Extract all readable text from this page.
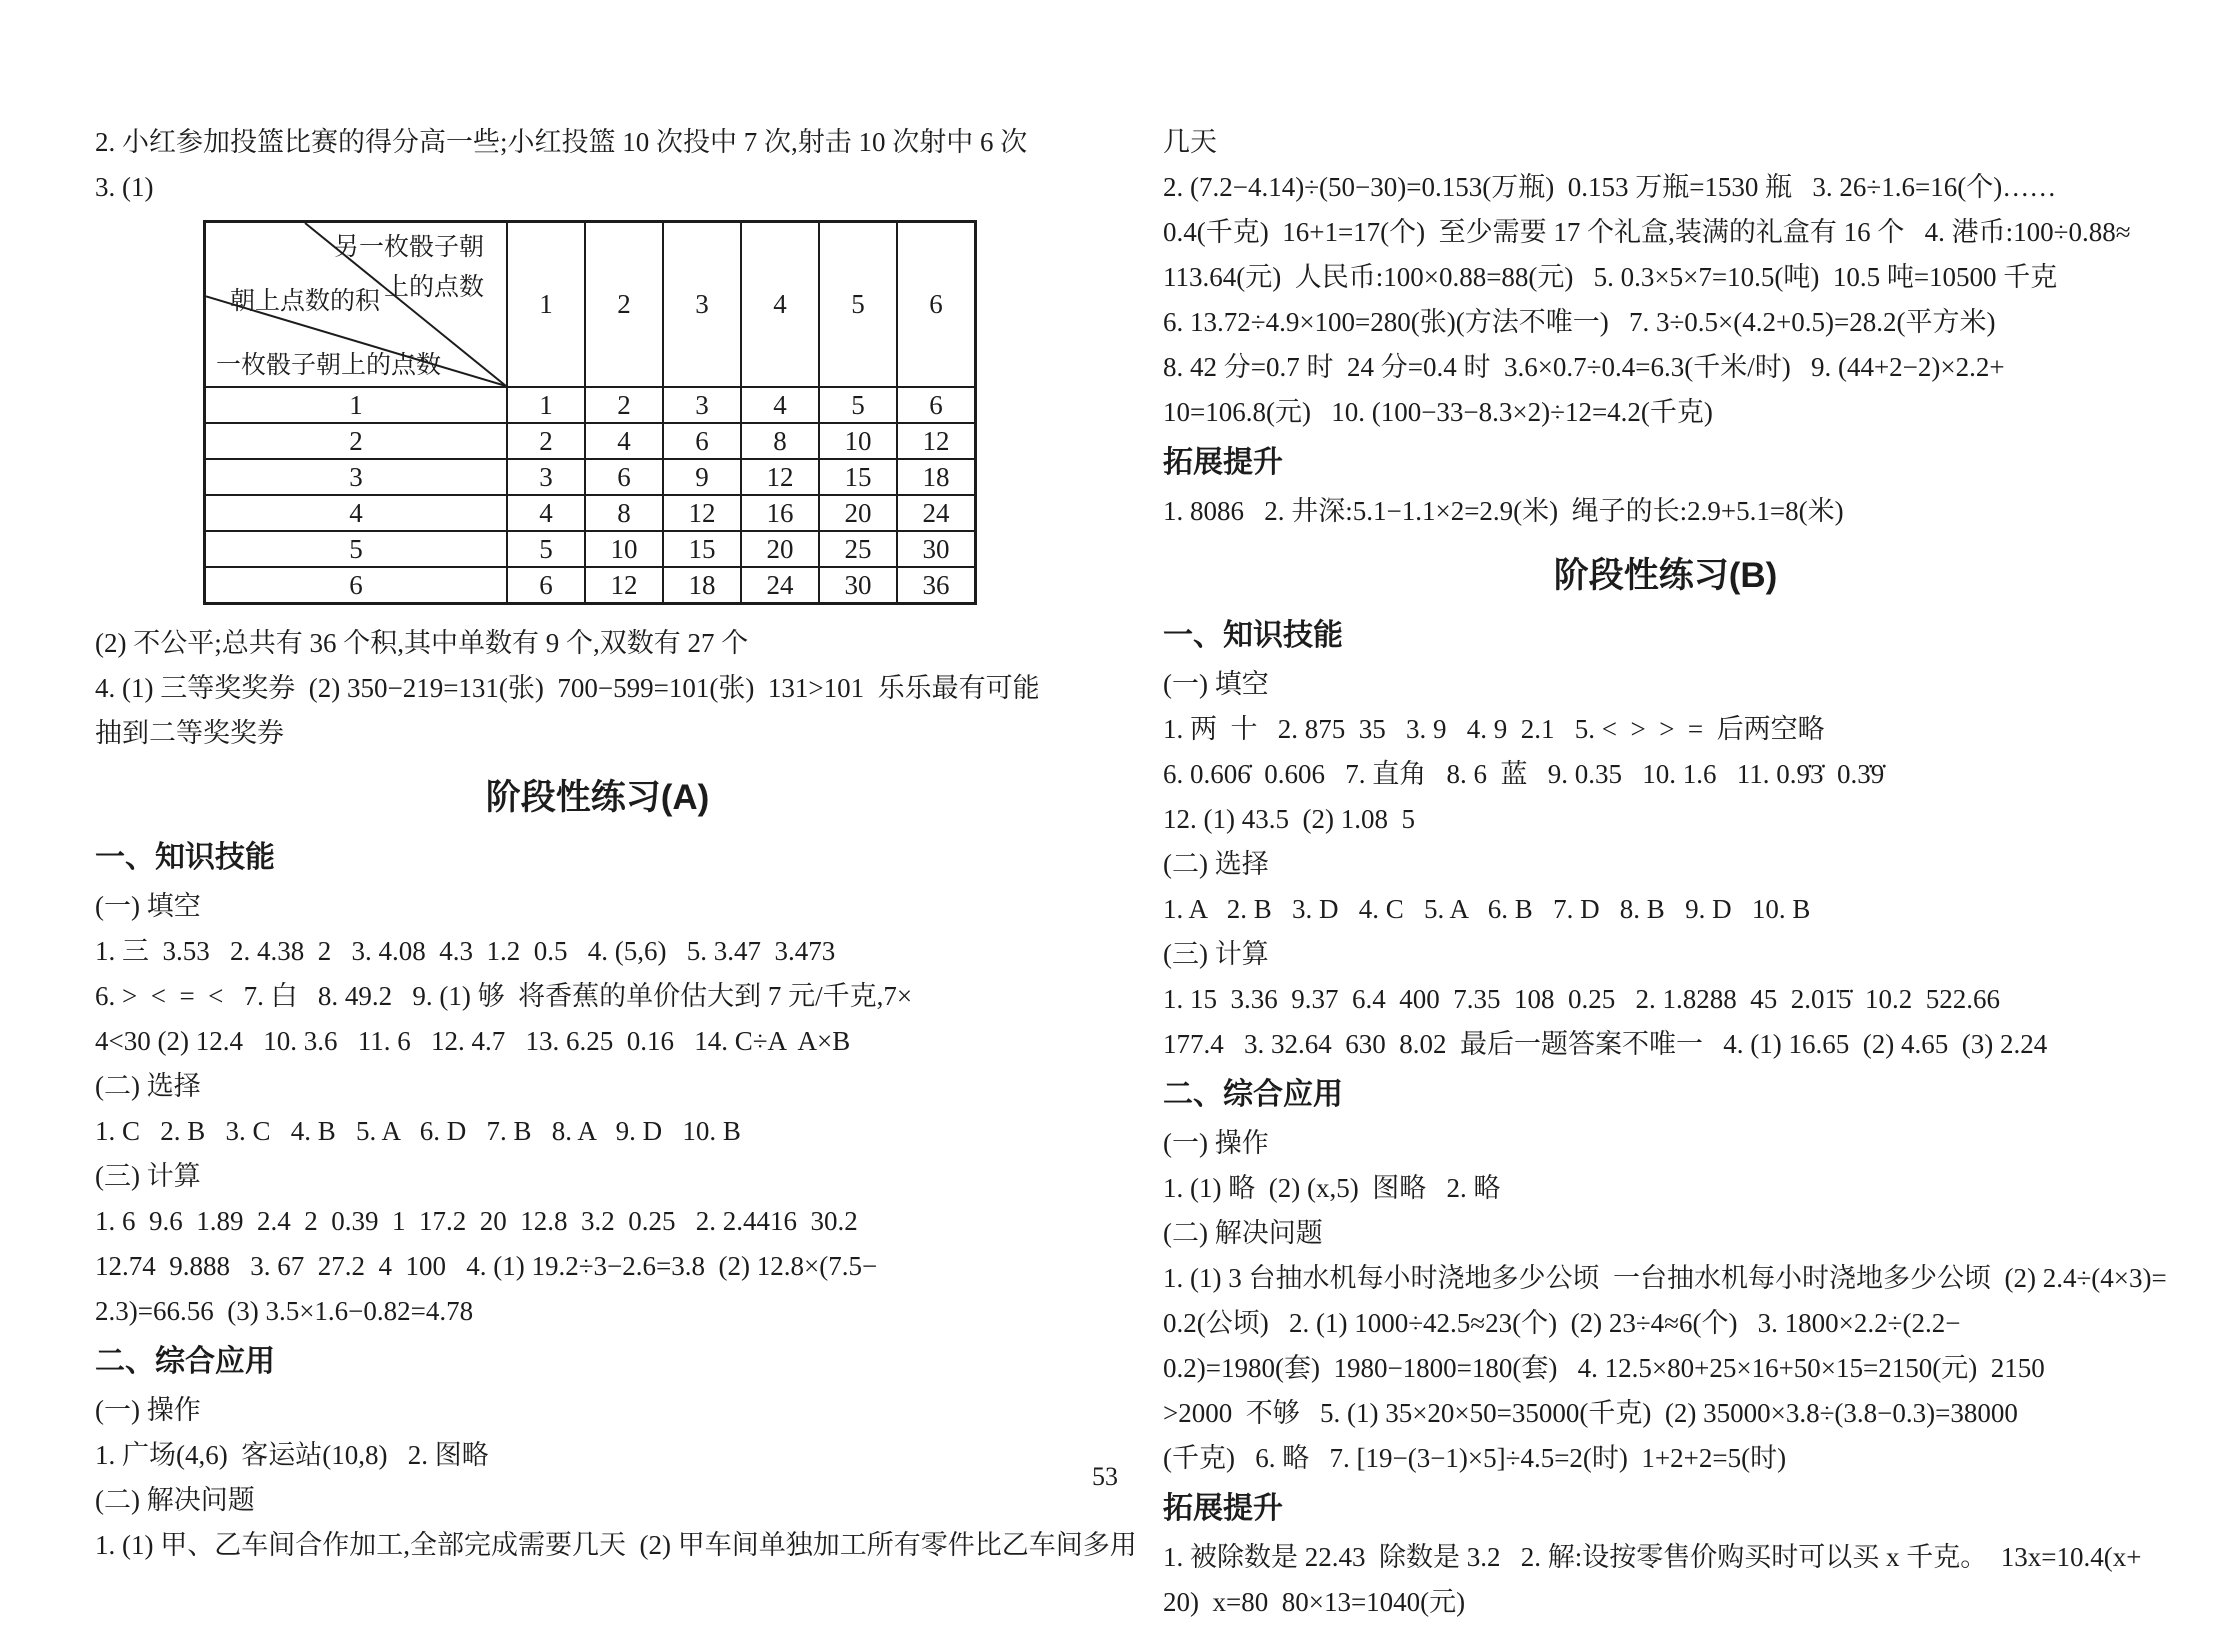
2. 小红参加投篮比赛的得分高一些;小红投篮 10 次投中 7 次,射击 10 次射中 6 次
3. (1)
另一枚骰子朝
上的点数
朝上点数的积
一枚骰子朝上的点数	1	2	3	4	5	6
1	1	2	3	4	5	6
2	2	4	6	8	10	12
3	3	6	9	12	15	18
4	4	8	12	16	20	24
5	5	10	15	20	25	30
6	6	12	18	24	30	36
(2) 不公平;总共有 36 个积,其中单数有 9 个,双数有 27 个
4. (1) 三等奖奖券  (2) 350−219=131(张)  700−599=101(张)  131>101  乐乐最有可能
抽到二等奖奖券
阶段性练习(A)
一、知识技能
(一) 填空
1. 三  3.53   2. 4.38  2   3. 4.08  4.3  1.2  0.5   4. (5,6)   5. 3.47  3.473
6. >  <  =  <   7. 白   8. 49.2   9. (1) 够  将香蕉的单价估大到 7 元/千克,7×
4<30 (2) 12.4   10. 3.6   11. 6   12. 4.7   13. 6.25  0.16   14. C÷A  A×B
(二) 选择
1. C   2. B   3. C   4. B   5. A   6. D   7. B   8. A   9. D   10. B
(三) 计算
1. 6  9.6  1.89  2.4  2  0.39  1  17.2  20  12.8  3.2  0.25   2. 2.4416  30.2
12.74  9.888   3. 67  27.2  4  100   4. (1) 19.2÷3−2.6=3.8  (2) 12.8×(7.5−
2.3)=66.56  (3) 3.5×1.6−0.82=4.78
二、综合应用
(一) 操作
1. 广场(4,6)  客运站(10,8)   2. 图略
(二) 解决问题
1. (1) 甲、乙车间合作加工,全部完成需要几天  (2) 甲车间单独加工所有零件比乙车间多用
几天
2. (7.2−4.14)÷(50−30)=0.153(万瓶)  0.153 万瓶=1530 瓶   3. 26÷1.6=16(个)……
0.4(千克)  16+1=17(个)  至少需要 17 个礼盒,装满的礼盒有 16 个   4. 港币:100÷0.88≈
113.64(元)  人民币:100×0.88=88(元)   5. 0.3×5×7=10.5(吨)  10.5 吨=10500 千克
6. 13.72÷4.9×100=280(张)(方法不唯一)   7. 3÷0.5×(4.2+0.5)=28.2(平方米)
8. 42 分=0.7 时  24 分=0.4 时  3.6×0.7÷0.4=6.3(千米/时)   9. (44+2−2)×2.2+
10=106.8(元)   10. (100−33−8.3×2)÷12=4.2(千克)
拓展提升
1. 8086   2. 井深:5.1−1.1×2=2.9(米)  绳子的长:2.9+5.1=8(米)
阶段性练习(B)
一、知识技能
(一) 填空
1. 两  十   2. 875  35   3. 9   4. 9  2.1   5. <  >  >  =  后两空略
6. 0.606̇  0.606   7. 直角   8. 6  蓝   9. 0.35   10. 1.6   11. 0.9̇3̇  0.3̇9̇
12. (1) 43.5  (2) 1.08  5
(二) 选择
1. A   2. B   3. D   4. C   5. A   6. B   7. D   8. B   9. D   10. B
(三) 计算
1. 15  3.36  9.37  6.4  400  7.35  108  0.25   2. 1.8288  45  2.01̇5̇  10.2  522.66
177.4   3. 32.64  630  8.02  最后一题答案不唯一   4. (1) 16.65  (2) 4.65  (3) 2.24
二、综合应用
(一) 操作
1. (1) 略  (2) (x,5)  图略   2. 略
(二) 解决问题
1. (1) 3 台抽水机每小时浇地多少公顷  一台抽水机每小时浇地多少公顷  (2) 2.4÷(4×3)=
0.2(公顷)   2. (1) 1000÷42.5≈23(个)  (2) 23÷4≈6(个)   3. 1800×2.2÷(2.2−
0.2)=1980(套)  1980−1800=180(套)   4. 12.5×80+25×16+50×15=2150(元)  2150
>2000  不够   5. (1) 35×20×50=35000(千克)  (2) 35000×3.8÷(3.8−0.3)=38000
(千克)   6. 略   7. [19−(3−1)×5]÷4.5=2(时)  1+2+2=5(时)
拓展提升
1. 被除数是 22.43  除数是 3.2   2. 解:设按零售价购买时可以买 x 千克。  13x=10.4(x+
20)  x=80  80×13=1040(元)
53
